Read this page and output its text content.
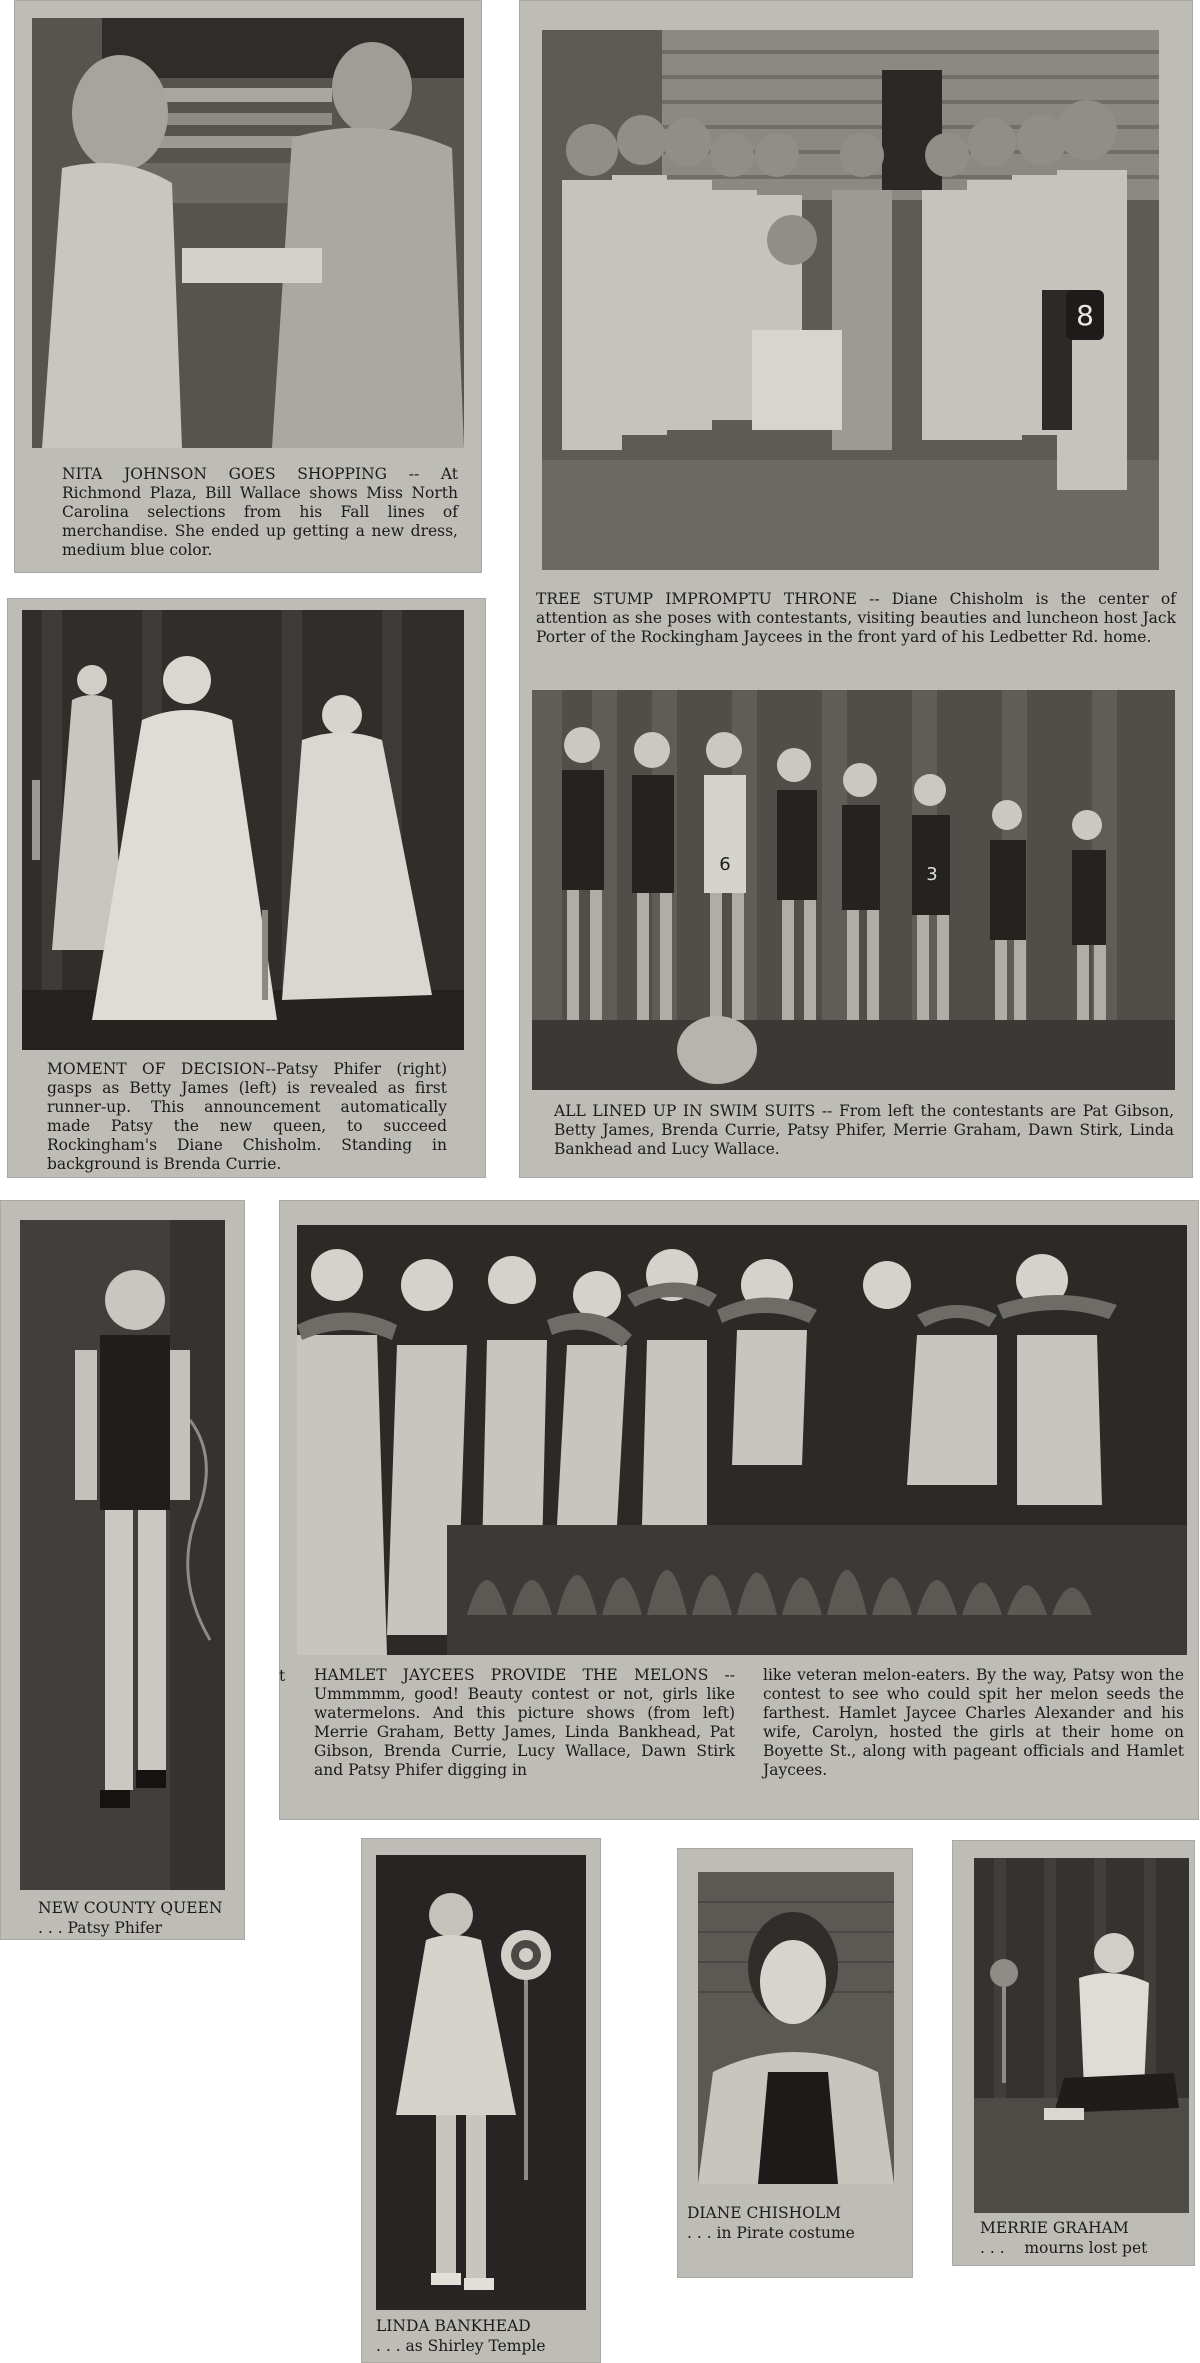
NITA JOHNSON GOES SHOPPING -- At Richmond Plaza, Bill Wallace shows Miss North Carolina selections from his Fall lines of merchandise. She ended up getting a new dress, medium blue color.
8
TREE STUMP IMPROMPTU THRONE -- Diane Chisholm is the center of attention as she poses with contestants, visiting beauties and luncheon host Jack Porter of the Rockingham Jaycees in the front yard of his Ledbetter Rd. home.
6	3
ALL LINED UP IN SWIM SUITS -- From left the contestants are Pat Gibson, Betty James, Brenda Currie, Patsy Phifer, Merrie Graham, Dawn Stirk, Linda Bankhead and Lucy Wallace.
MOMENT OF DECISION--Patsy Phifer (right) gasps as Betty James (left) is revealed as first runner-up. This announcement automatically made Patsy the new queen, to succeed Rockingham's Diane Chisholm. Standing in background is Brenda Currie.
NEW COUNTY QUEEN
. . . Patsy Phifer
t HAMLET JAYCEES PROVIDE THE MELONS -- Ummmmm, good! Beauty contest or not, girls like watermelons. And this picture shows (from left) Merrie Graham, Betty James, Linda Bankhead, Pat Gibson, Brenda Currie, Lucy Wallace, Dawn Stirk and Patsy Phifer digging in
like veteran melon-eaters. By the way, Patsy won the contest to see who could spit her melon seeds the farthest. Hamlet Jaycee Charles Alexander and his wife, Carolyn, hosted the girls at their home on Boyette St., along with pageant officials and Hamlet Jaycees.
LINDA BANKHEAD
. . . as Shirley Temple
DIANE CHISHOLM
. . . in Pirate costume	MERRIE GRAHAM
. . .    mourns lost pet
